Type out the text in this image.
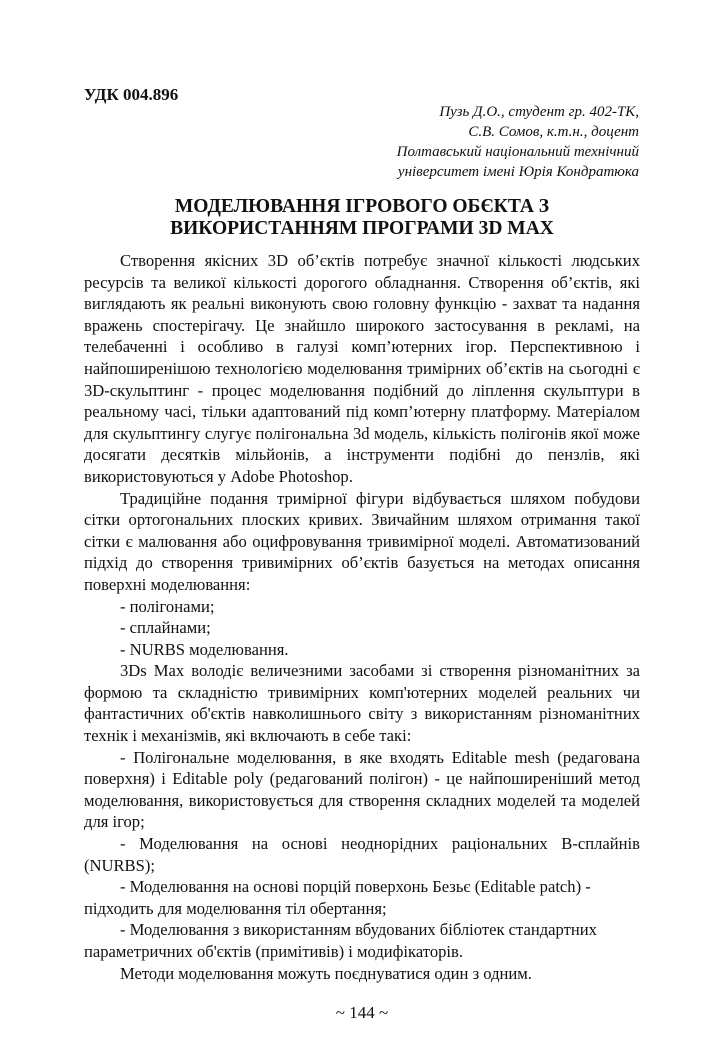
УДК 004.896
Пузь Д.О., студент гр. 402-ТК,
С.В. Сомов, к.т.н., доцент
Полтавський національний технічний
університет імені Юрія Кондратюка
МОДЕЛЮВАННЯ ІГРОВОГО ОБЄКТА З
ВИКОРИСТАННЯМ ПРОГРАМИ 3D MAX

Створення якісних 3D об’єктів потребує значної кількості людських ресурсів та великої кількості дорогого обладнання. Створення об’єктів, які виглядають як реальні виконують свою головну функцію - захват та надання вражень спостерігачу. Це знайшло широкого застосування в рекламі, на телебаченні і особливо в галузі комп’ютерних ігор. Перспективною і найпоширенішою технологією моделювання тримірних об’єктів на сьогодні є 3D-скульптинг - процес моделювання подібний до ліплення скульптури в реальному часі, тільки адаптований під комп’ютерну платформу. Матеріалом для скульптингу слугує полігональна 3d модель, кількість полігонів якої може досягати десятків мільйонів, а інструменти подібні до пензлів, які використовуються у Adobe Photoshop.

Традиційне подання тримірної фігури відбувається шляхом побудови сітки ортогональних плоских кривих. Звичайним шляхом отримання такої сітки є малювання або оцифровування тривимірної моделі. Автоматизований підхід до створення тривимірних об’єктів базується на методах описання поверхні моделювання:

- полігонами;
- сплайнами;
- NURBS моделювання.

3Ds Max володіє величезними засобами зі створення різноманітних за формою та складністю тривимірних комп'ютерних моделей реальних чи фантастичних об'єктів навколишнього світу з використанням різноманітних технік і механізмів, які включають в себе такі:

- Полігональне моделювання, в яке входять Editable mesh (редагована поверхня) і Editable poly (редагований полігон) - це найпоширеніший метод моделювання, використовується для створення складних моделей та моделей для ігор;

- Моделювання на основі неоднорідних раціональних B-сплайнів (NURBS);

- Моделювання на основі порцій поверхонь Безьє (Editable patch) - підходить для моделювання тіл обертання;

- Моделювання з використанням вбудованих бібліотек стандартних параметричних об'єктів (примітивів) і модифікаторів.

Методи моделювання можуть поєднуватися один з одним.

~ 144 ~
